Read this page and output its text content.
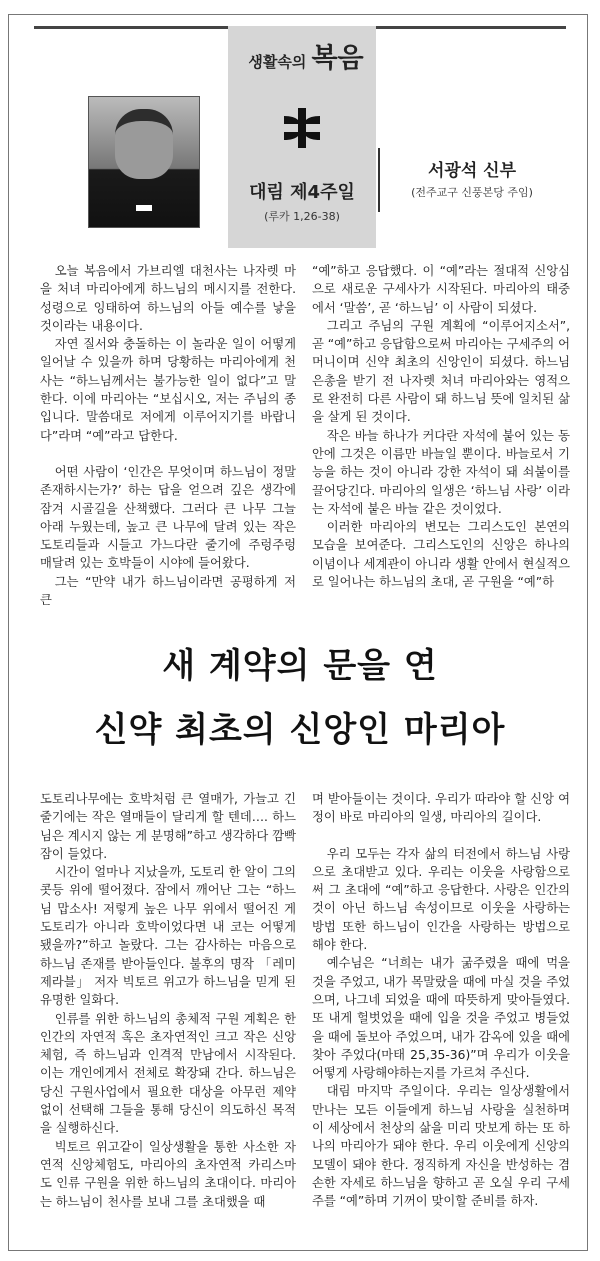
생활속의 복음
대림 제4주일
(루카 1,26-38)
서광석 신부
(전주교구 신풍본당 주임)

오늘 복음에서 가브리엘 대천사는 나자렛 마을 처녀 마리아에게 하느님의 메시지를 전한다. 성령으로 잉태하여 하느님의 아들 예수를 낳을 것이라는 내용이다.

자연 질서와 충돌하는 이 놀라운 일이 어떻게 일어날 수 있을까 하며 당황하는 마리아에게 천사는 “하느님께서는 불가능한 일이 없다”고 말한다. 이에 마리아는 “보십시오, 저는 주님의 종입니다. 말씀대로 저에게 이루어지기를 바랍니다”라며 “예”라고 답한다.

어떤 사람이 ‘인간은 무엇이며 하느님이 정말 존재하시는가?’ 하는 답을 얻으려 깊은 생각에 잠겨 시골길을 산책했다. 그러다 큰 나무 그늘 아래 누웠는데, 높고 큰 나무에 달려 있는 작은 도토리들과 시들고 가느다란 줄기에 주렁주렁 매달려 있는 호박들이 시야에 들어왔다.

그는 “만약 내가 하느님이라면 공평하게 저 큰

“예”하고 응답했다. 이 “예”라는 절대적 신앙심으로 새로운 구세사가 시작된다. 마리아의 태중에서 ‘말씀’, 곧 ‘하느님’ 이 사람이 되셨다.

그리고 주님의 구원 계획에 “이루어지소서”, 곧 “예”하고 응답함으로써 마리아는 구세주의 어머니이며 신약 최초의 신앙인이 되셨다. 하느님 은총을 받기 전 나자렛 처녀 마리아와는 영적으로 완전히 다른 사람이 돼 하느님 뜻에 일치된 삶을 살게 된 것이다.

작은 바늘 하나가 커다란 자석에 붙어 있는 동안에 그것은 이름만 바늘일 뿐이다. 바늘로서 기능을 하는 것이 아니라 강한 자석이 돼 쇠붙이를 끌어당긴다. 마리아의 일생은 ‘하느님 사랑’ 이라는 자석에 붙은 바늘 같은 것이었다.

이러한 마리아의 변모는 그리스도인 본연의 모습을 보여준다. 그리스도인의 신앙은 하나의 이념이나 세계관이 아니라 생활 안에서 현실적으로 일어나는 하느님의 초대, 곧 구원을 “예”하

새 계약의 문을 연
신약 최초의 신앙인 마리아

도토리나무에는 호박처럼 큰 열매가, 가늘고 긴 줄기에는 작은 열매들이 달리게 할 텐데…. 하느님은 계시지 않는 게 분명해”하고 생각하다 깜빡 잠이 들었다.

시간이 얼마나 지났을까, 도토리 한 알이 그의 콧등 위에 떨어졌다. 잠에서 깨어난 그는 “하느님 맙소사! 저렇게 높은 나무 위에서 떨어진 게 도토리가 아니라 호박이었다면 내 코는 어떻게 됐을까?”하고 놀랐다. 그는 감사하는 마음으로 하느님 존재를 받아들인다. 불후의 명작 「레미제라블」 저자 빅토르 위고가 하느님을 믿게 된 유명한 일화다.

인류를 위한 하느님의 총체적 구원 계획은 한 인간의 자연적 혹은 초자연적인 크고 작은 신앙 체험, 즉 하느님과 인격적 만남에서 시작된다. 이는 개인에게서 전체로 확장돼 간다. 하느님은 당신 구원사업에서 필요한 대상을 아무런 제약 없이 선택해 그들을 통해 당신이 의도하신 목적을 실행하신다.

빅토르 위고같이 일상생활을 통한 사소한 자연적 신앙체험도, 마리아의 초자연적 카리스마도 인류 구원을 위한 하느님의 초대이다. 마리아는 하느님이 천사를 보내 그를 초대했을 때

며 받아들이는 것이다. 우리가 따라야 할 신앙 여정이 바로 마리아의 일생, 마리아의 길이다.

우리 모두는 각자 삶의 터전에서 하느님 사랑으로 초대받고 있다. 우리는 이웃을 사랑함으로써 그 초대에 “예”하고 응답한다. 사랑은 인간의 것이 아닌 하느님 속성이므로 이웃을 사랑하는 방법 또한 하느님이 인간을 사랑하는 방법으로 해야 한다.

예수님은 “너희는 내가 굶주렸을 때에 먹을 것을 주었고, 내가 목말랐을 때에 마실 것을 주었으며, 나그네 되었을 때에 따뜻하게 맞아들였다. 또 내게 헐벗었을 때에 입을 것을 주었고 병들었을 때에 돌보아 주었으며, 내가 감옥에 있을 때에 찾아 주었다(마태 25,35-36)”며 우리가 이웃을 어떻게 사랑해야하는지를 가르쳐 주신다.

대림 마지막 주일이다. 우리는 일상생활에서 만나는 모든 이들에게 하느님 사랑을 실천하며 이 세상에서 천상의 삶을 미리 맛보게 하는 또 하나의 마리아가 돼야 한다. 우리 이웃에게 신앙의 모델이 돼야 한다. 정직하게 자신을 반성하는 겸손한 자세로 하느님을 향하고 곧 오실 우리 구세주를 “예”하며 기꺼이 맞이할 준비를 하자.
